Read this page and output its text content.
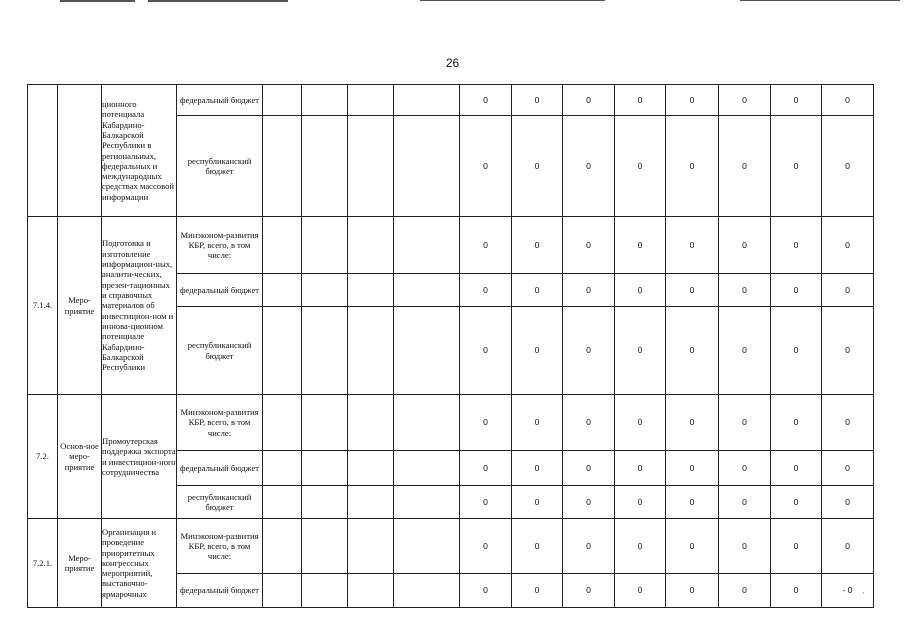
26
		ционного потенциала Кабардино-Балкарской Республики в региональных, федеральных и международных средствах массовой информации	федеральный бюджет					0	0	0	0	0	0	0	0
			республиканский бюджет					0	0	0	0	0	0	0	0
7.1.4.	Меро-приятие	Подготовка и изготовление информацион-ных, аналити-ческих, презен-тационных и справочных материалов об инвестицион-ном и иннова-ционном потенциале Кабардино-Балкарской Республики	Минэконом-развития КБР, всего, в том числе:					0	0	0	0	0	0	0	0
			федеральный бюджет					0	0	0	0	0	0	0	0
			республиканский бюджет					0	0	0	0	0	0	0	0
7.2.	Основ-ное меро-приятие	Промоутерская поддержка экспорта и инвестицион-ного сотрудничества	Минэконом-развития КБР, всего, в том числе:					0	0	0	0	0	0	0	0
			федеральный бюджет					0	0	0	0	0	0	0	0
			республиканский бюджет					0	0	0	0	0	0	0	0
7.2.1.	Меро-приятие	Организация и проведение приоритетных конгрессных мероприятий, выставочно-ярмарочных	Минэконом-развития КБР, всего, в том числе:					0	0	0	0	0	0	0	0
			федеральный бюджет					0	0	0	0	0	0	0	- 0 ·
